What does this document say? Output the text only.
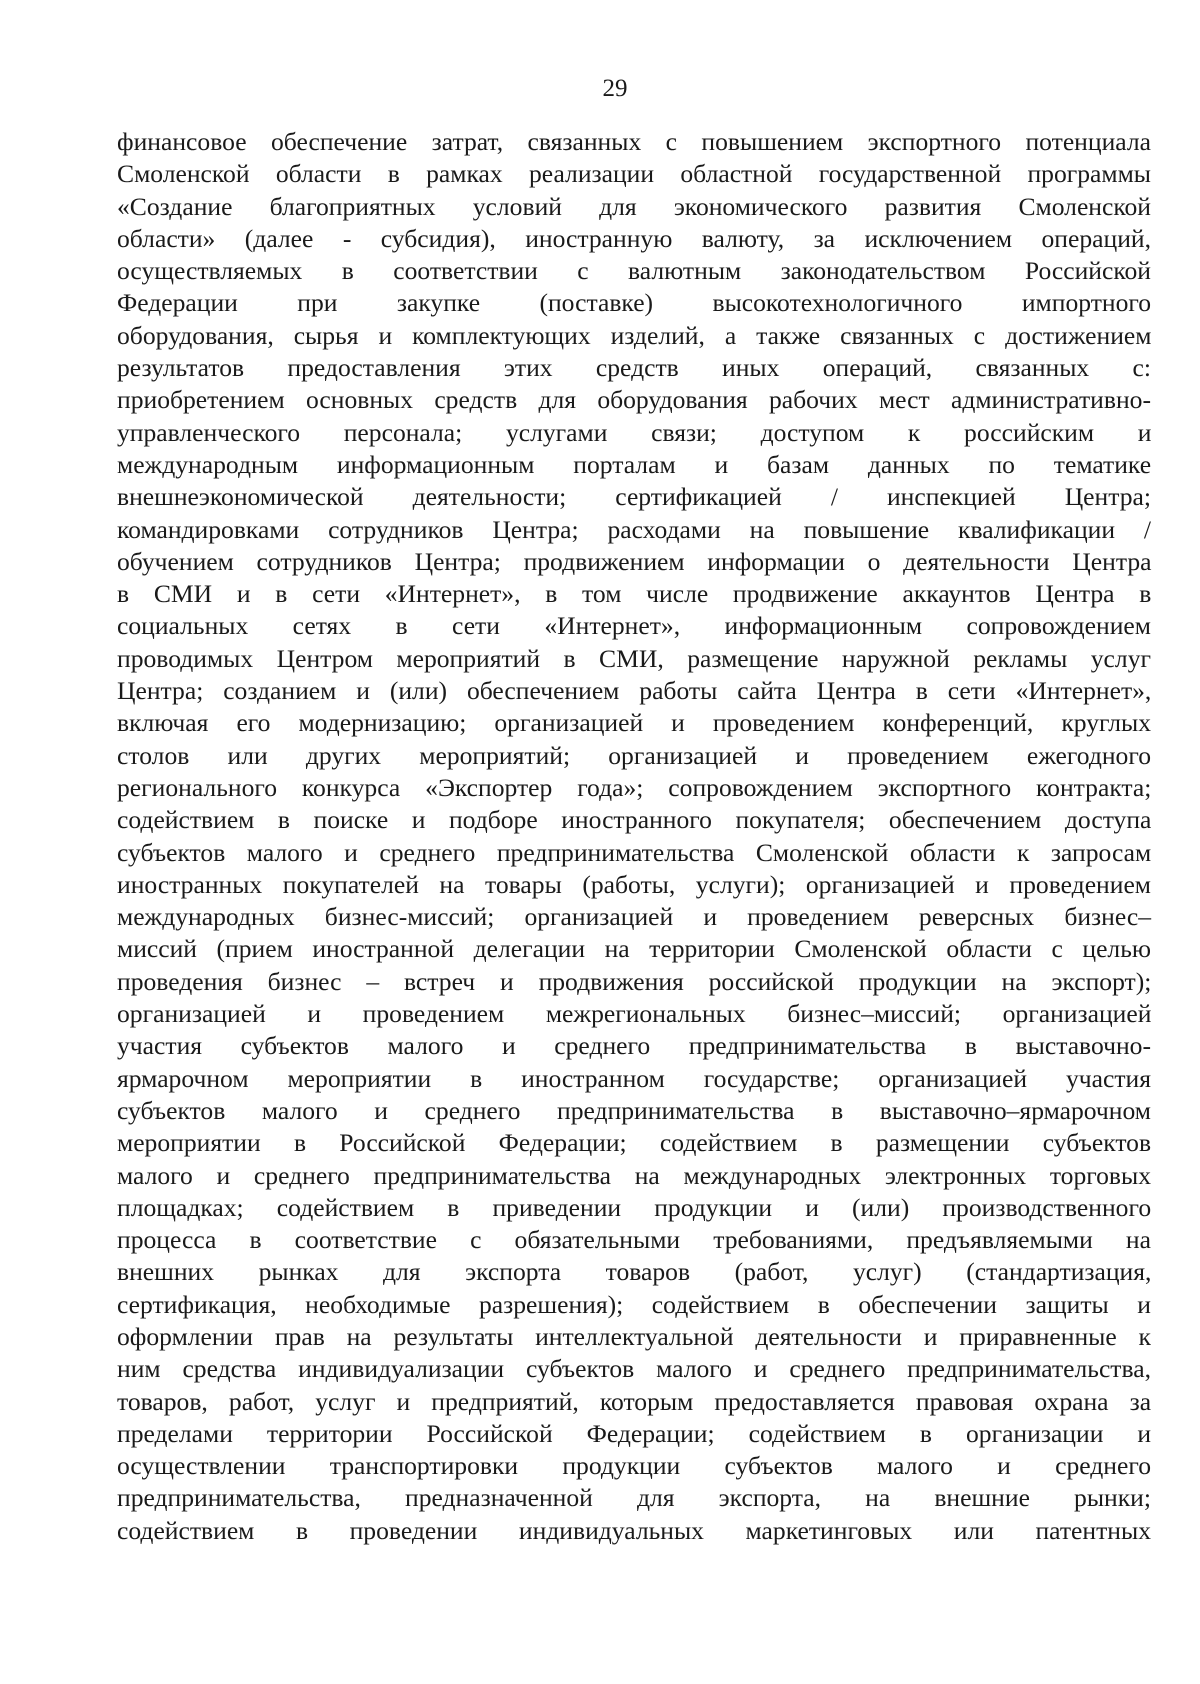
29
финансовое обеспечение затрат, связанных с повышением экспортного потенциала
Смоленской области в рамках реализации областной государственной программы
«Создание благоприятных условий для экономического развития Смоленской
области» (далее - субсидия), иностранную валюту, за исключением операций,
осуществляемых в соответствии с валютным законодательством Российской
Федерации при закупке (поставке) высокотехнологичного импортного
оборудования, сырья и комплектующих изделий, а также связанных с достижением
результатов предоставления этих средств иных операций, связанных с:
приобретением основных средств для оборудования рабочих мест административно-
управленческого персонала; услугами связи; доступом к российским и
международным информационным порталам и базам данных по тематике
внешнеэкономической деятельности; сертификацией / инспекцией Центра;
командировками сотрудников Центра; расходами на повышение квалификации /
обучением сотрудников Центра; продвижением информации о деятельности Центра
в СМИ и в сети «Интернет», в том числе продвижение аккаунтов Центра в
социальных сетях в сети «Интернет», информационным сопровождением
проводимых Центром мероприятий в СМИ, размещение наружной рекламы услуг
Центра; созданием и (или) обеспечением работы сайта Центра в сети «Интернет»,
включая его модернизацию; организацией и проведением конференций, круглых
столов или других мероприятий; организацией и проведением ежегодного
регионального конкурса «Экспортер года»; сопровождением экспортного контракта;
содействием в поиске и подборе иностранного покупателя; обеспечением доступа
субъектов малого и среднего предпринимательства Смоленской области к запросам
иностранных покупателей на товары (работы, услуги); организацией и проведением
международных бизнес-миссий; организацией и проведением реверсных бизнес–
миссий (прием иностранной делегации на территории Смоленской области с целью
проведения бизнес – встреч и продвижения российской продукции на экспорт);
организацией и проведением межрегиональных бизнес–миссий; организацией
участия субъектов малого и среднего предпринимательства в выставочно-
ярмарочном мероприятии в иностранном государстве; организацией участия
субъектов малого и среднего предпринимательства в выставочно–ярмарочном
мероприятии в Российской Федерации; содействием в размещении субъектов
малого и среднего предпринимательства на международных электронных торговых
площадках; содействием в приведении продукции и (или) производственного
процесса в соответствие с обязательными требованиями, предъявляемыми на
внешних рынках для экспорта товаров (работ, услуг) (стандартизация,
сертификация, необходимые разрешения); содействием в обеспечении защиты и
оформлении прав на результаты интеллектуальной деятельности и приравненные к
ним средства индивидуализации субъектов малого и среднего предпринимательства,
товаров, работ, услуг и предприятий, которым предоставляется правовая охрана за
пределами территории Российской Федерации; содействием в организации и
осуществлении транспортировки продукции субъектов малого и среднего
предпринимательства, предназначенной для экспорта, на внешние рынки;
содействием в проведении индивидуальных маркетинговых или патентных
